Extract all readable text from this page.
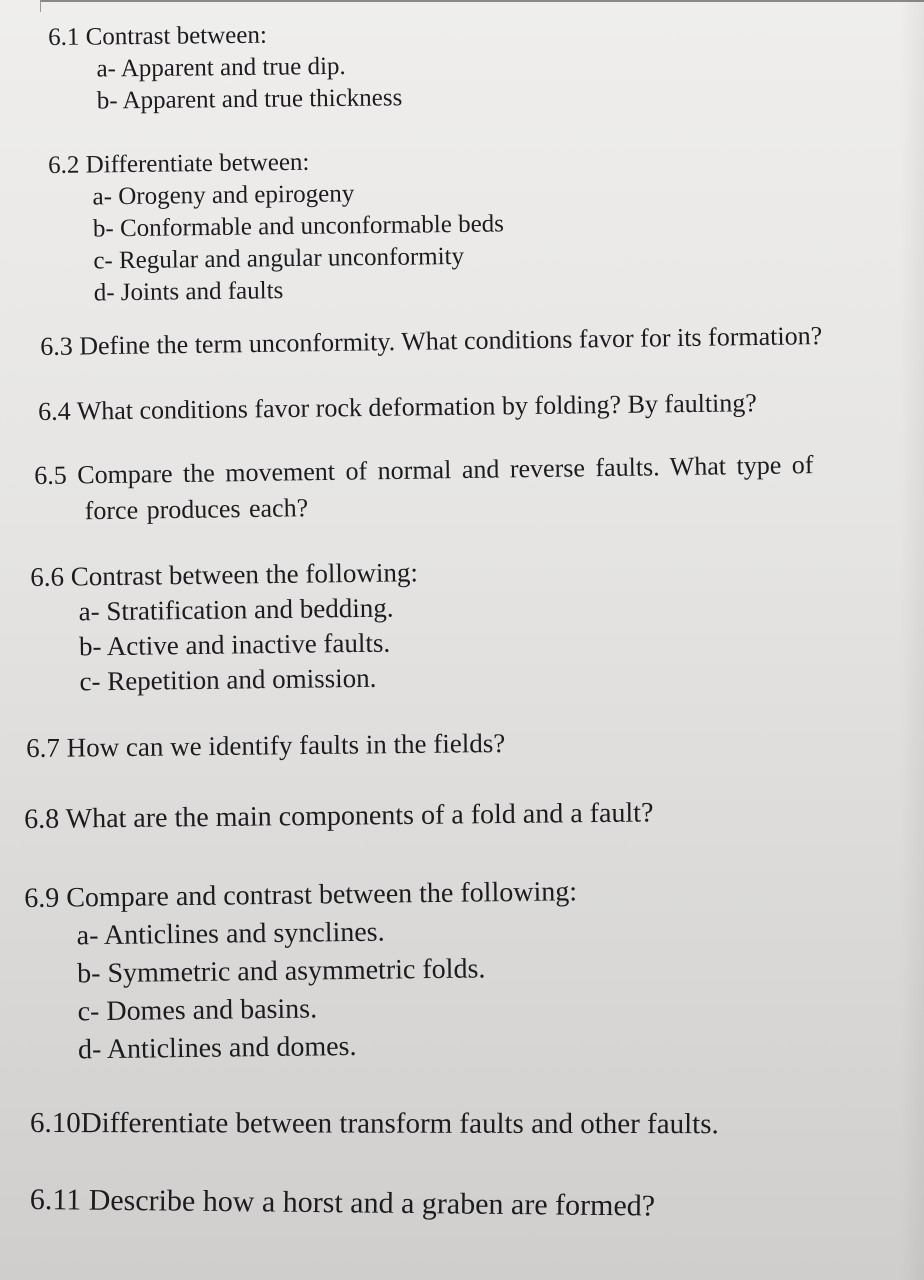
6.1 Contrast between:
a- Apparent and true dip.
b- Apparent and true thickness
6.2 Differentiate between:
a- Orogeny and epirogeny
b- Conformable and unconformable beds
c- Regular and angular unconformity
d- Joints and faults
6.3 Define the term unconformity. What conditions favor for its formation?
6.4 What conditions favor rock deformation by folding? By faulting?
6.5 Compare the movement of normal and reverse faults. What type of
force produces each?
6.6 Contrast between the following:
a- Stratification and bedding.
b- Active and inactive faults.
c- Repetition and omission.
6.7 How can we identify faults in the fields?
6.8 What are the main components of a fold and a fault?
6.9 Compare and contrast between the following:
a- Anticlines and synclines.
b- Symmetric and asymmetric folds.
c- Domes and basins.
d- Anticlines and domes.
6.10Differentiate between transform faults and other faults.
6.11 Describe how a horst and a graben are formed?
